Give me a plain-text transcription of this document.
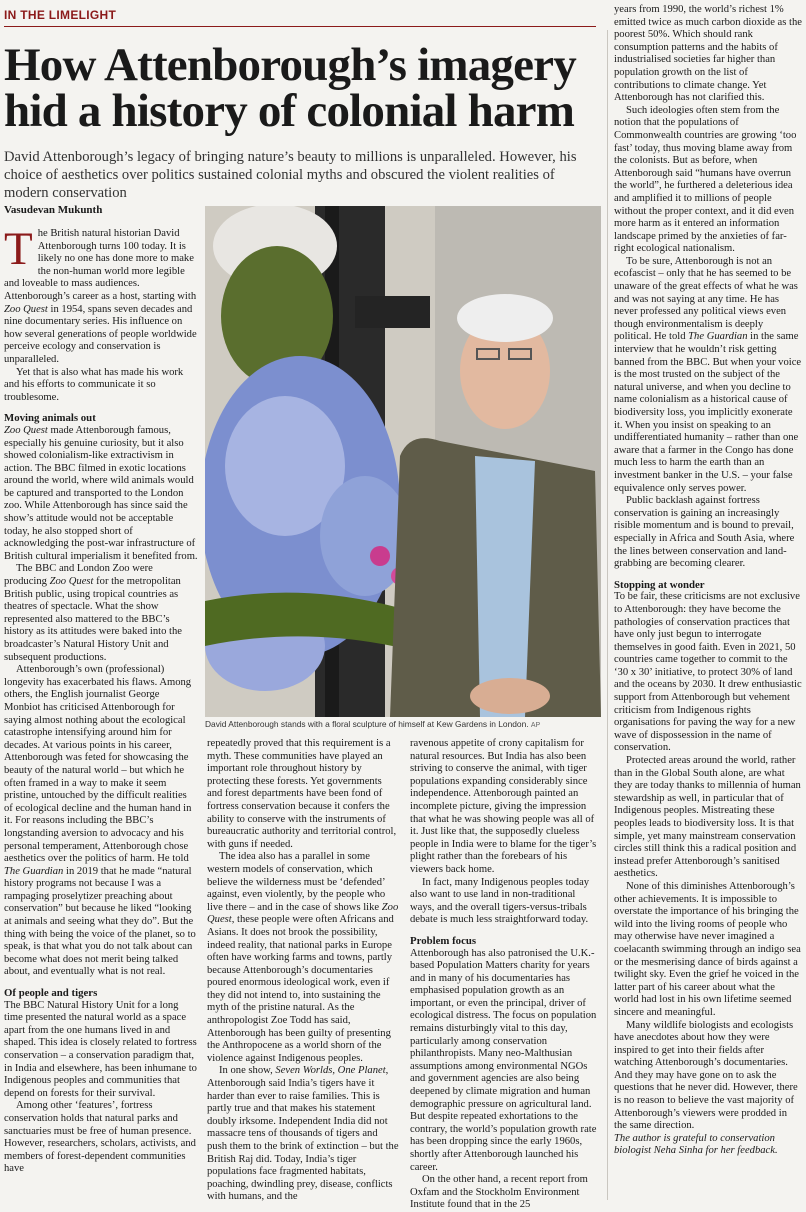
IN THE LIMELIGHT
How Attenborough’s imagery hid a history of colonial harm

David Attenborough’s legacy of bringing nature’s beauty to millions is unparalleled. However, his choice of aesthetics over politics sustained colonial myths and obscured the violent realities of modern conservation

Vasudevan Mukunth

The British natural historian David Attenborough turns 100 today. It is likely no one has done more to make the non-human world more legible and loveable to mass audiences. Attenborough’s career as a host, starting with Zoo Quest in 1954, spans seven decades and nine documentary series. His influence on how several generations of people worldwide perceive ecology and conservation is unparalleled.

Yet that is also what has made his work and his efforts to communicate it so troublesome.

Moving animals out

Zoo Quest made Attenborough famous, especially his genuine curiosity, but it also showed colonialism-like extractivism in action. The BBC filmed in exotic locations around the world, where wild animals would be captured and transported to the London zoo. While Attenborough has since said the show’s attitude would not be acceptable today, he also stopped short of acknowledging the post-war infrastructure of British cultural imperialism it benefited from.

The BBC and London Zoo were producing Zoo Quest for the metropolitan British public, using tropical countries as theatres of spectacle. What the show represented also mattered to the BBC’s history as its attitudes were baked into the broadcaster’s Natural History Unit and subsequent productions.

Attenborough’s own (professional) longevity has exacerbated his flaws. Among others, the English journalist George Monbiot has criticised Attenborough for saying almost nothing about the ecological catastrophe intensifying around him for decades. At various points in his career, Attenborough was feted for showcasing the beauty of the natural world – but which he often framed in a way to make it seem pristine, untouched by the difficult realities of ecological decline and the human hand in it. For reasons including the BBC’s longstanding aversion to advocacy and his personal temperament, Attenborough chose aesthetics over the politics of harm. He told The Guardian in 2019 that he made “natural history programs not because I was a rampaging proselytizer preaching about conservation” but because he liked “looking at animals and seeing what they do”. But the thing with being the voice of the planet, so to speak, is that what you do not talk about can become what does not merit being talked about, and eventually what is not real.

Of people and tigers

The BBC Natural History Unit for a long time presented the natural world as a space apart from the one humans lived in and shaped. This idea is closely related to fortress conservation – a conservation paradigm that, in India and elsewhere, has been inhumane to Indigenous peoples and communities that depend on forests for their survival.

Among other ‘features’, fortress conservation holds that natural parks and sanctuaries must be free of human presence. However, researchers, scholars, activists, and members of forest-dependent communities have

David Attenborough stands with a floral sculpture of himself at Kew Gardens in London. AP

repeatedly proved that this requirement is a myth. These communities have played an important role throughout history by protecting these forests. Yet governments and forest departments have been fond of fortress conservation because it confers the ability to conserve with the instruments of bureaucratic authority and territorial control, with guns if needed.

The idea also has a parallel in some western models of conservation, which believe the wilderness must be ‘defended’ against, even violently, by the people who live there – and in the case of shows like Zoo Quest, these people were often Africans and Asians. It does not brook the possibility, indeed reality, that national parks in Europe often have working farms and towns, partly because Attenborough’s documentaries poured enormous ideological work, even if they did not intend to, into sustaining the myth of the pristine natural. As the anthropologist Zoe Todd has said, Attenborough has been guilty of presenting the Anthropocene as a world shorn of the violence against Indigenous peoples.

In one show, Seven Worlds, One Planet, Attenborough said India’s tigers have it harder than ever to raise families. This is partly true and that makes his statement doubly irksome. Independent India did not massacre tens of thousands of tigers and push them to the brink of extinction – but the British Raj did. Today, India’s tiger populations face fragmented habitats, poaching, dwindling prey, disease, conflicts with humans, and the

ravenous appetite of crony capitalism for natural resources. But India has also been striving to conserve the animal, with tiger populations expanding considerably since independence. Attenborough painted an incomplete picture, giving the impression that what he was showing people was all of it. Just like that, the supposedly clueless people in India were to blame for the tiger’s plight rather than the forebears of his viewers back home.

In fact, many Indigenous peoples today also want to use land in non-traditional ways, and the overall tigers-versus-tribals debate is much less straightforward today.

Problem focus

Attenborough has also patronised the U.K.-based Population Matters charity for years and in many of his documentaries has emphasised population growth as an important, or even the principal, driver of ecological distress. The focus on population remains disturbingly vital to this day, particularly among conservation philanthropists. Many neo-Malthusian assumptions among environmental NGOs and government agencies are also being deepened by climate migration and human demographic pressure on agricultural land. But despite repeated exhortations to the contrary, the world’s population growth rate has been dropping since the early 1960s, shortly after Attenborough launched his career.

On the other hand, a recent report from Oxfam and the Stockholm Environment Institute found that in the 25

years from 1990, the world’s richest 1% emitted twice as much carbon dioxide as the poorest 50%. Which should rank consumption patterns and the habits of industrialised societies far higher than population growth on the list of contributions to climate change. Yet Attenborough has not clarified this.

Such ideologies often stem from the notion that the populations of Commonwealth countries are growing ‘too fast’ today, thus moving blame away from the colonists. But as before, when Attenborough said “humans have overrun the world”, he furthered a deleterious idea and amplified it to millions of people without the proper context, and it did even more harm as it entered an information landscape primed by the anxieties of far-right ecological nationalism.

To be sure, Attenborough is not an ecofascist – only that he has seemed to be unaware of the great effects of what he was and was not saying at any time. He has never professed any political views even though environmentalism is deeply political. He told The Guardian in the same interview that he wouldn’t risk getting banned from the BBC. But when your voice is the most trusted on the subject of the natural universe, and when you decline to name colonialism as a historical cause of biodiversity loss, you implicitly exonerate it. When you insist on speaking to an undifferentiated humanity – rather than one aware that a farmer in the Congo has done much less to harm the earth than an investment banker in the U.S. – your false equivalence only serves power.

Public backlash against fortress conservation is gaining an increasingly risible momentum and is bound to prevail, especially in Africa and South Asia, where the lines between conservation and land-grabbing are becoming clearer.

Stopping at wonder

To be fair, these criticisms are not exclusive to Attenborough: they have become the pathologies of conservation practices that have only just begun to interrogate themselves in good faith. Even in 2021, 50 countries came together to commit to the ‘30 x 30’ initiative, to protect 30% of land and the oceans by 2030. It drew enthusiastic support from Attenborough but vehement criticism from Indigenous rights organisations for paving the way for a new wave of dispossession in the name of conservation.

Protected areas around the world, rather than in the Global South alone, are what they are today thanks to millennia of human stewardship as well, in particular that of Indigenous peoples. Mistreating these peoples leads to biodiversity loss. It is that simple, yet many mainstream conservation circles still think this a radical position and instead prefer Attenborough’s sanitised aesthetics.

None of this diminishes Attenborough’s other achievements. It is impossible to overstate the importance of his bringing the wild into the living rooms of people who may otherwise have never imagined a coelacanth swimming through an indigo sea or the mesmerising dance of birds against a twilight sky. Even the grief he voiced in the latter part of his career about what the world had lost in his own lifetime seemed sincere and meaningful.

Many wildlife biologists and ecologists have anecdotes about how they were inspired to get into their fields after watching Attenborough’s documentaries. And they may have gone on to ask the questions that he never did. However, there is no reason to believe the vast majority of Attenborough’s viewers were prodded in the same direction.

The author is grateful to conservation biologist Neha Sinha for her feedback.
